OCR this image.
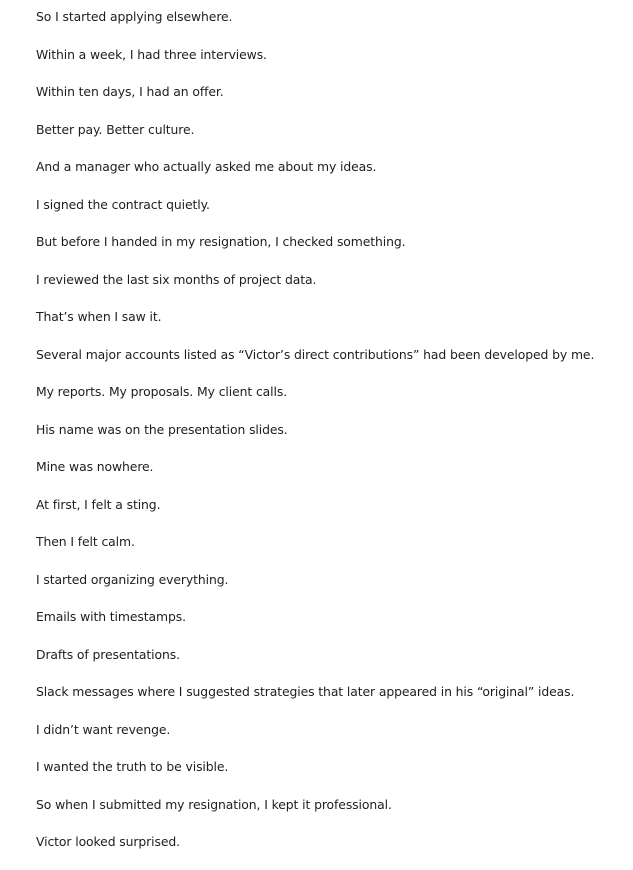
So I started applying elsewhere.

Within a week, I had three interviews.

Within ten days, I had an offer.

Better pay. Better culture.

And a manager who actually asked me about my ideas.

I signed the contract quietly.

But before I handed in my resignation, I checked something.

I reviewed the last six months of project data.

That’s when I saw it.

Several major accounts listed as “Victor’s direct contributions” had been developed by me.

My reports. My proposals. My client calls.

His name was on the presentation slides.

Mine was nowhere.

At first, I felt a sting.

Then I felt calm.

I started organizing everything.

Emails with timestamps.

Drafts of presentations.

Slack messages where I suggested strategies that later appeared in his “original” ideas.

I didn’t want revenge.

I wanted the truth to be visible.

So when I submitted my resignation, I kept it professional.

Victor looked surprised.
